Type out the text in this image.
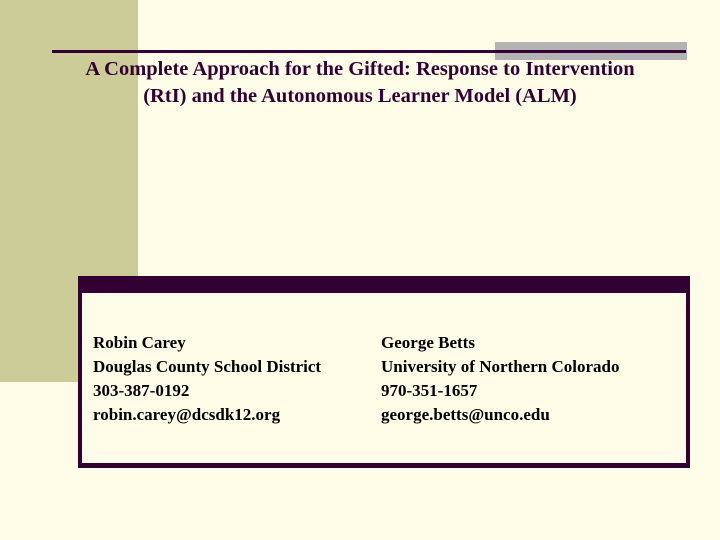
A Complete Approach for the Gifted: Response to Intervention
(RtI) and the Autonomous Learner Model (ALM)
Robin Carey
Douglas County School District
303-387-0192
robin.carey@dcsdk12.org
George Betts
University of Northern Colorado
970-351-1657
george.betts@unco.edu
